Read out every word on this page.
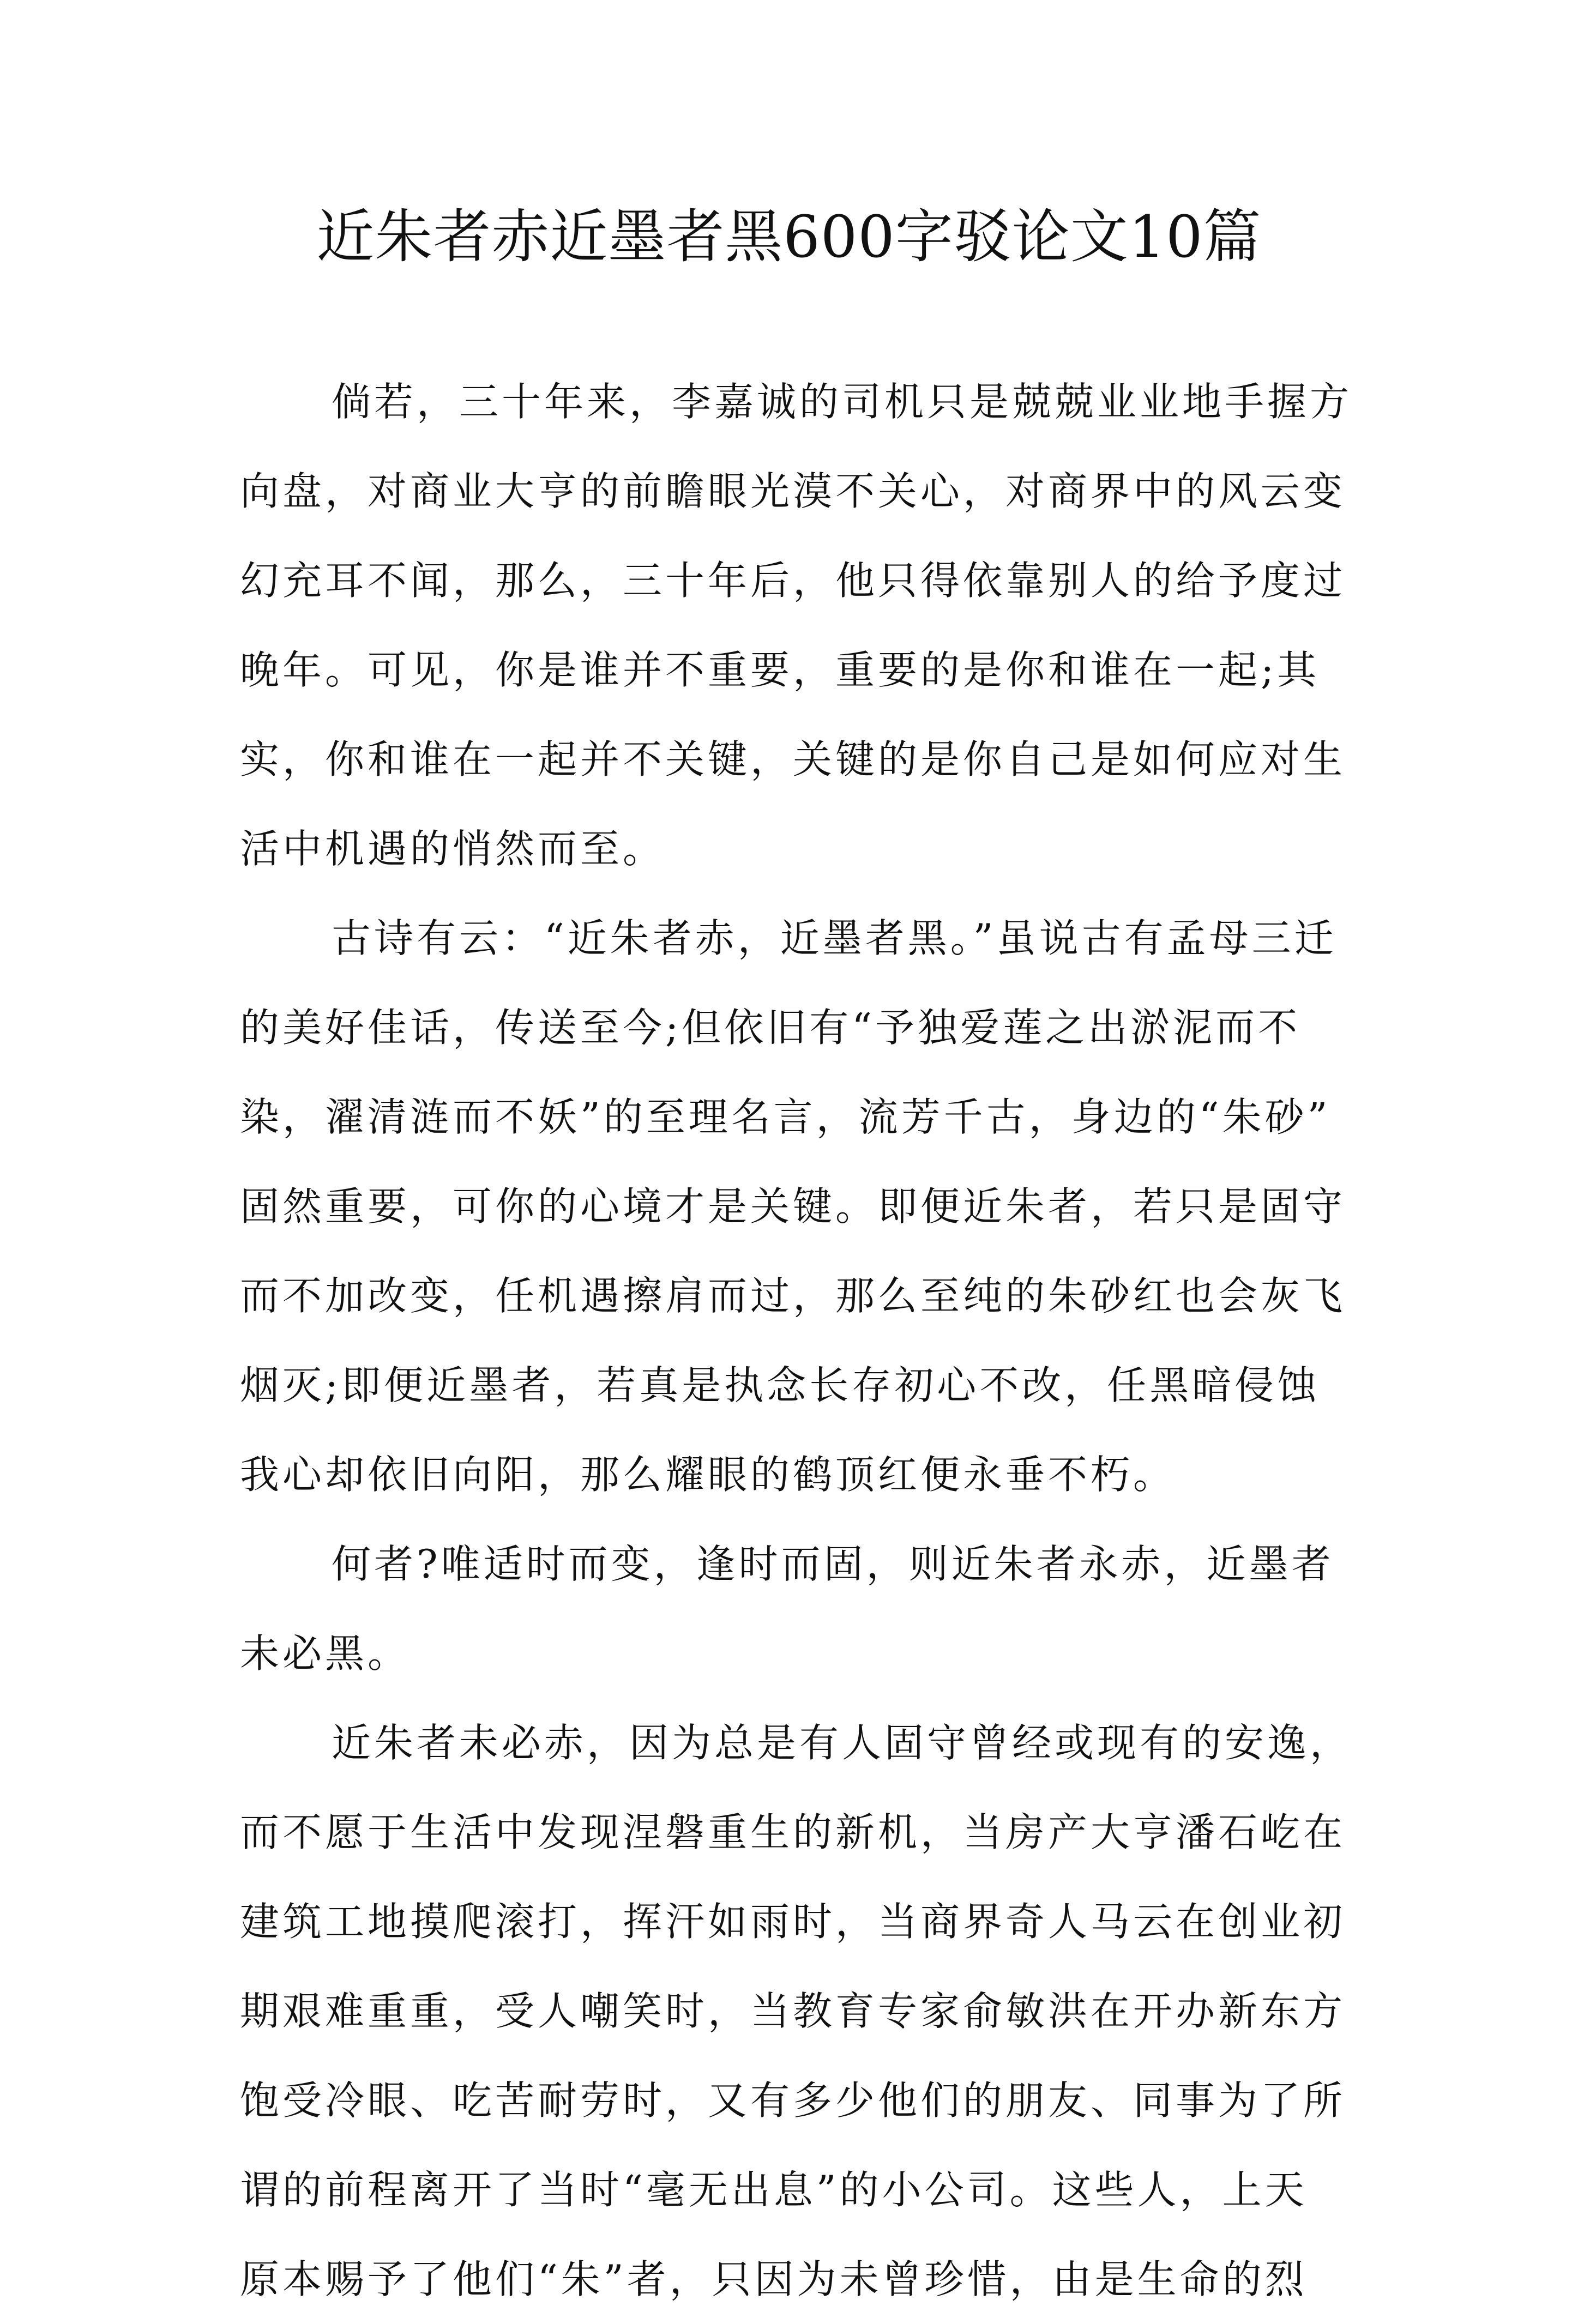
近朱者赤近墨者黑600字驳论文10篇

倘若，三十年来，李嘉诚的司机只是兢兢业业地手握方
向盘，对商业大亨的前瞻眼光漠不关心，对商界中的风云变
幻充耳不闻，那么，三十年后，他只得依靠别人的给予度过
晚年。可见，你是谁并不重要，重要的是你和谁在一起;其
实，你和谁在一起并不关键，关键的是你自己是如何应对生
活中机遇的悄然而至。

古诗有云：“近朱者赤，近墨者黑。”虽说古有孟母三迁
的美好佳话，传送至今;但依旧有“予独爱莲之出淤泥而不
染，濯清涟而不妖”的至理名言，流芳千古，身边的“朱砂”
固然重要，可你的心境才是关键。即便近朱者，若只是固守
而不加改变，任机遇擦肩而过，那么至纯的朱砂红也会灰飞
烟灭;即便近墨者，若真是执念长存初心不改，任黑暗侵蚀
我心却依旧向阳，那么耀眼的鹤顶红便永垂不朽。

何者?唯适时而变，逢时而固，则近朱者永赤，近墨者
未必黑。

近朱者未必赤，因为总是有人固守曾经或现有的安逸，
而不愿于生活中发现涅磐重生的新机，当房产大亨潘石屹在
建筑工地摸爬滚打，挥汗如雨时，当商界奇人马云在创业初
期艰难重重，受人嘲笑时，当教育专家俞敏洪在开办新东方
饱受冷眼、吃苦耐劳时，又有多少他们的朋友、同事为了所
谓的前程离开了当时“毫无出息”的小公司。这些人，上天
原本赐予了他们“朱”者，只因为未曾珍惜，由是生命的烈
